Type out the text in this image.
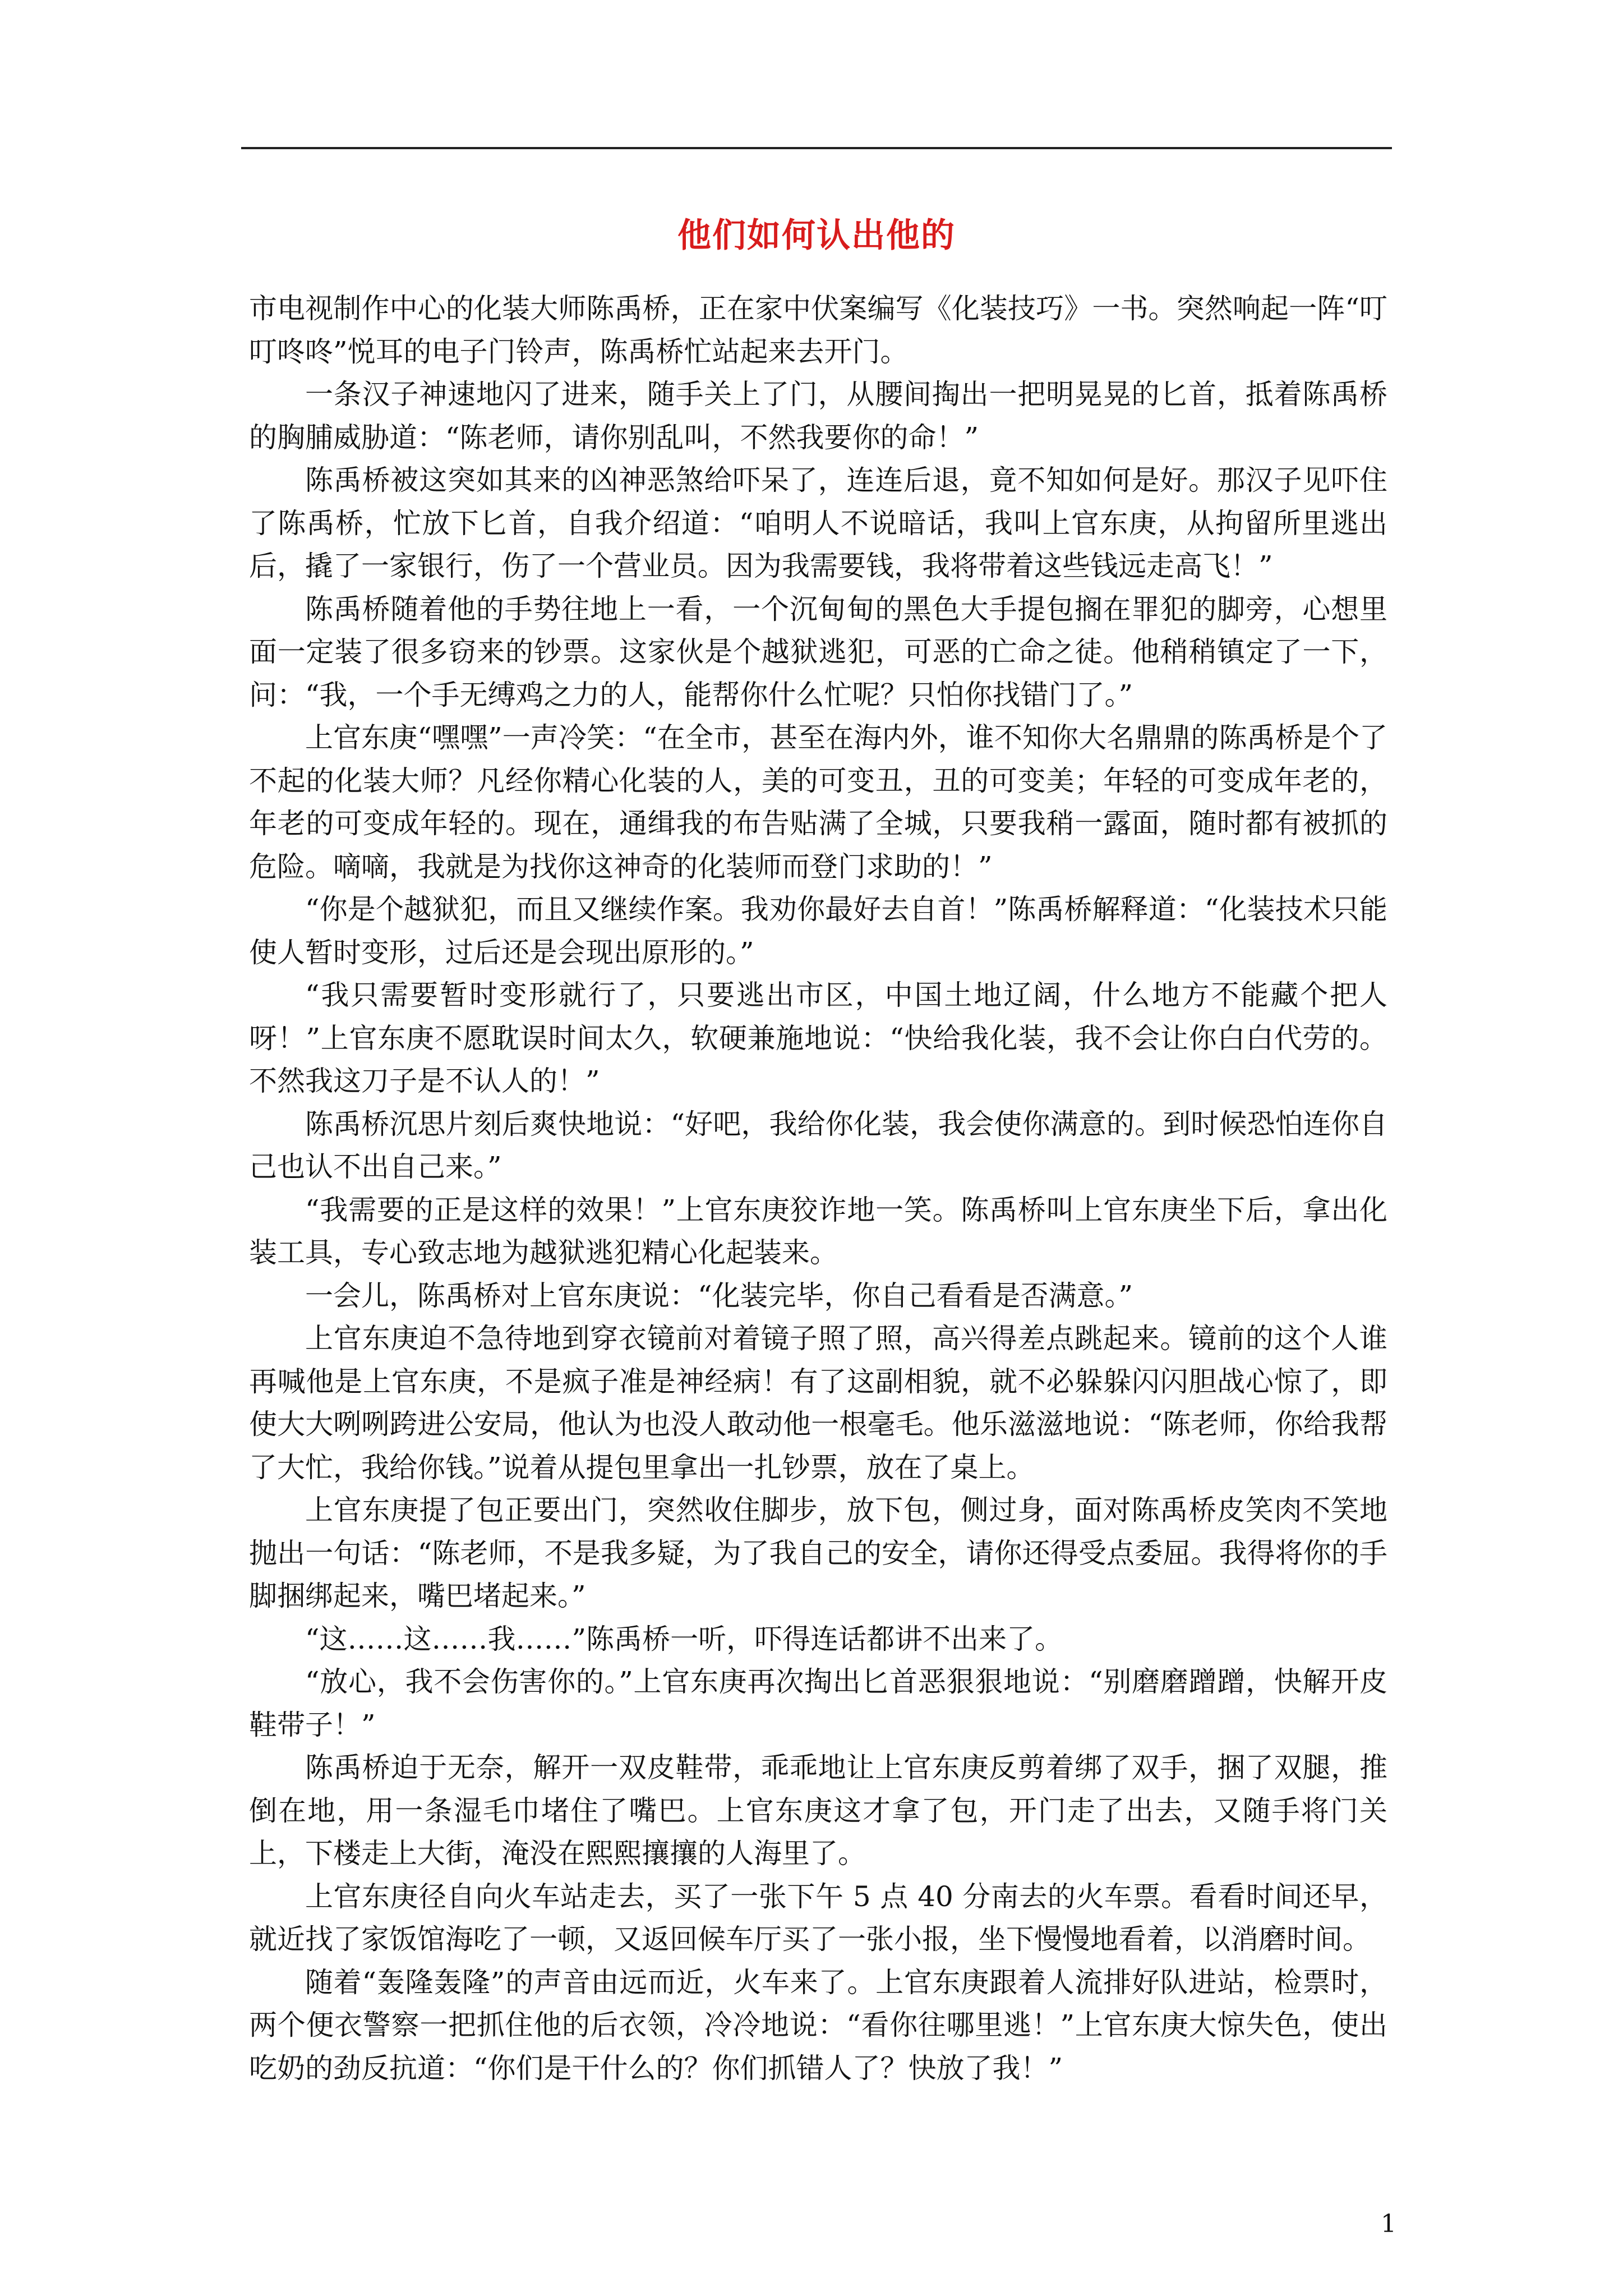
他们如何认出他的

市电视制作中心的化装大师陈禹桥，正在家中伏案编写《化装技巧》一书。突然响起一阵“叮叮咚咚”悦耳的电子门铃声，陈禹桥忙站起来去开门。

一条汉子神速地闪了进来，随手关上了门，从腰间掏出一把明晃晃的匕首，抵着陈禹桥的胸脯威胁道：“陈老师，请你别乱叫，不然我要你的命！”

陈禹桥被这突如其来的凶神恶煞给吓呆了，连连后退，竟不知如何是好。那汉子见吓住了陈禹桥，忙放下匕首，自我介绍道：“咱明人不说暗话，我叫上官东庚，从拘留所里逃出后，撬了一家银行，伤了一个营业员。因为我需要钱，我将带着这些钱远走高飞！”

陈禹桥随着他的手势往地上一看，一个沉甸甸的黑色大手提包搁在罪犯的脚旁，心想里面一定装了很多窃来的钞票。这家伙是个越狱逃犯，可恶的亡命之徒。他稍稍镇定了一下，问：“我，一个手无缚鸡之力的人，能帮你什么忙呢？只怕你找错门了。”

上官东庚“嘿嘿”一声冷笑：“在全市，甚至在海内外，谁不知你大名鼎鼎的陈禹桥是个了不起的化装大师？凡经你精心化装的人，美的可变丑，丑的可变美；年轻的可变成年老的，年老的可变成年轻的。现在，通缉我的布告贴满了全城，只要我稍一露面，随时都有被抓的危险。嘀嘀，我就是为找你这神奇的化装师而登门求助的！”

“你是个越狱犯，而且又继续作案。我劝你最好去自首！”陈禹桥解释道：“化装技术只能使人暂时变形，过后还是会现出原形的。”

“我只需要暂时变形就行了，只要逃出市区，中国土地辽阔，什么地方不能藏个把人呀！”上官东庚不愿耽误时间太久，软硬兼施地说：“快给我化装，我不会让你白白代劳的。不然我这刀子是不认人的！”

陈禹桥沉思片刻后爽快地说：“好吧，我给你化装，我会使你满意的。到时候恐怕连你自己也认不出自己来。”

“我需要的正是这样的效果！”上官东庚狡诈地一笑。陈禹桥叫上官东庚坐下后，拿出化装工具，专心致志地为越狱逃犯精心化起装来。

一会儿，陈禹桥对上官东庚说：“化装完毕，你自己看看是否满意。”

上官东庚迫不急待地到穿衣镜前对着镜子照了照，高兴得差点跳起来。镜前的这个人谁再喊他是上官东庚，不是疯子准是神经病！有了这副相貌，就不必躲躲闪闪胆战心惊了，即使大大咧咧跨进公安局，他认为也没人敢动他一根毫毛。他乐滋滋地说：“陈老师，你给我帮了大忙，我给你钱。”说着从提包里拿出一扎钞票，放在了桌上。

上官东庚提了包正要出门，突然收住脚步，放下包，侧过身，面对陈禹桥皮笑肉不笑地抛出一句话：“陈老师，不是我多疑，为了我自己的安全，请你还得受点委屈。我得将你的手脚捆绑起来，嘴巴堵起来。”

“这……这……我……”陈禹桥一听，吓得连话都讲不出来了。

“放心，我不会伤害你的。”上官东庚再次掏出匕首恶狠狠地说：“别磨磨蹭蹭，快解开皮鞋带子！”

陈禹桥迫于无奈，解开一双皮鞋带，乖乖地让上官东庚反剪着绑了双手，捆了双腿，推倒在地，用一条湿毛巾堵住了嘴巴。上官东庚这才拿了包，开门走了出去，又随手将门关上，下楼走上大街，淹没在熙熙攘攘的人海里了。

上官东庚径自向火车站走去，买了一张下午 5 点 40 分南去的火车票。看看时间还早，就近找了家饭馆海吃了一顿，又返回候车厅买了一张小报，坐下慢慢地看着，以消磨时间。

随着“轰隆轰隆”的声音由远而近，火车来了。上官东庚跟着人流排好队进站，检票时，两个便衣警察一把抓住他的后衣领，冷冷地说：“看你往哪里逃！”上官东庚大惊失色，使出吃奶的劲反抗道：“你们是干什么的？你们抓错人了？快放了我！”

1
